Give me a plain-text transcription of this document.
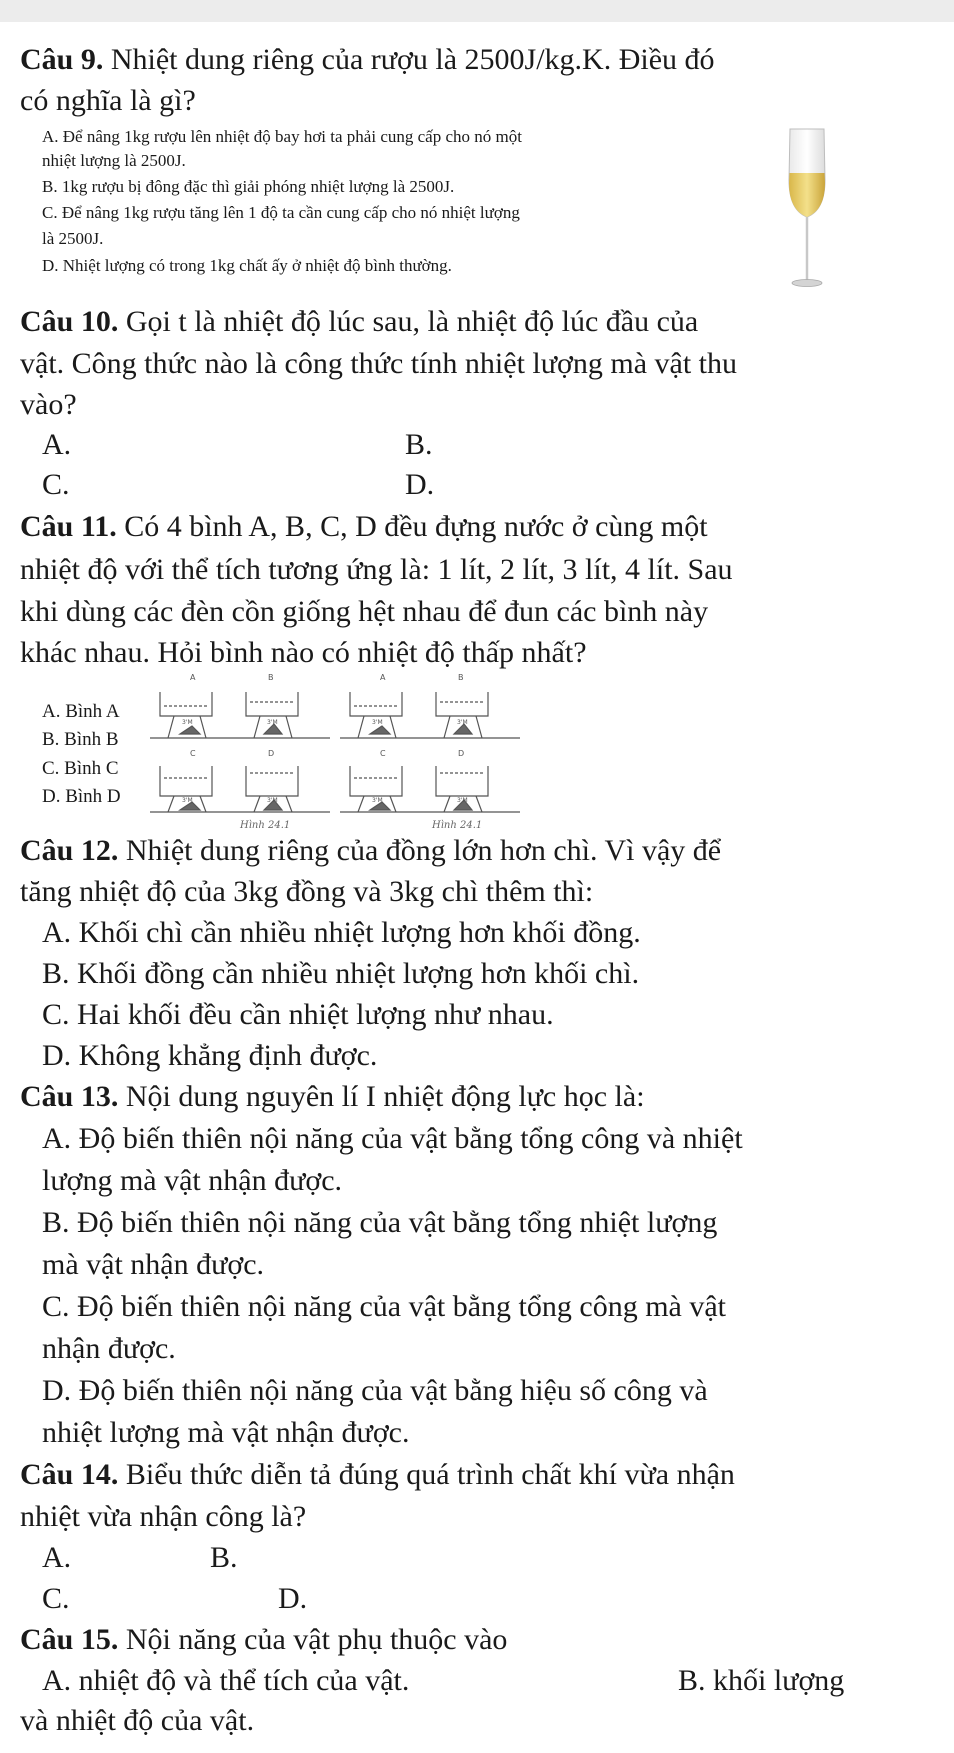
Câu 9. Nhiệt dung riêng của rượu là 2500J/kg.K. Điều đó
có nghĩa là gì?
A. Để nâng 1kg rượu lên nhiệt độ bay hơi ta phải cung cấp cho nó một
nhiệt lượng là 2500J.
B. 1kg rượu bị đông đặc thì giải phóng nhiệt lượng là 2500J.
C. Để nâng 1kg rượu tăng lên 1 độ ta cần cung cấp cho nó nhiệt lượng
là 2500J.
D. Nhiệt lượng có trong 1kg chất ấy ở nhiệt độ bình thường.
Câu 10. Gọi t là nhiệt độ lúc sau, là nhiệt độ lúc đầu của
vật. Công thức nào là công thức tính nhiệt lượng mà vật thu
vào?
A.	B.
C.	D.
Câu 11. Có 4 bình A, B, C, D đều đựng nước ở cùng một
nhiệt độ với thể tích tương ứng là: 1 lít, 2 lít, 3 lít, 4 lít. Sau
khi dùng các đèn cồn giống hệt nhau để đun các bình này
khác nhau. Hỏi bình nào có nhiệt độ thấp nhất?
A. Bình A
B. Bình B
C. Bình C
D. Bình D
A	B
3'M	3'M
C	D
3'M	3'M
A	B
3'M	3'M
C	D
3'M	3'M
Hình 24.1	Hình 24.1
Câu 12. Nhiệt dung riêng của đồng lớn hơn chì. Vì vậy để
tăng nhiệt độ của 3kg đồng và 3kg chì thêm thì:
A. Khối chì cần nhiều nhiệt lượng hơn khối đồng.
B. Khối đồng cần nhiều nhiệt lượng hơn khối chì.
C. Hai khối đều cần nhiệt lượng như nhau.
D. Không khẳng định được.
Câu 13. Nội dung nguyên lí I nhiệt động lực học là:
A. Độ biến thiên nội năng của vật bằng tổng công và nhiệt
lượng mà vật nhận được.
B. Độ biến thiên nội năng của vật bằng tổng nhiệt lượng
mà vật nhận được.
C. Độ biến thiên nội năng của vật bằng tổng công mà vật
nhận được.
D. Độ biến thiên nội năng của vật bằng hiệu số công và
nhiệt lượng mà vật nhận được.
Câu 14. Biểu thức diễn tả đúng quá trình chất khí vừa nhận
nhiệt vừa nhận công là?
A.	B.
C.	D.
Câu 15. Nội năng của vật phụ thuộc vào
A. nhiệt độ và thể tích của vật.	B. khối lượng
và nhiệt độ của vật.
